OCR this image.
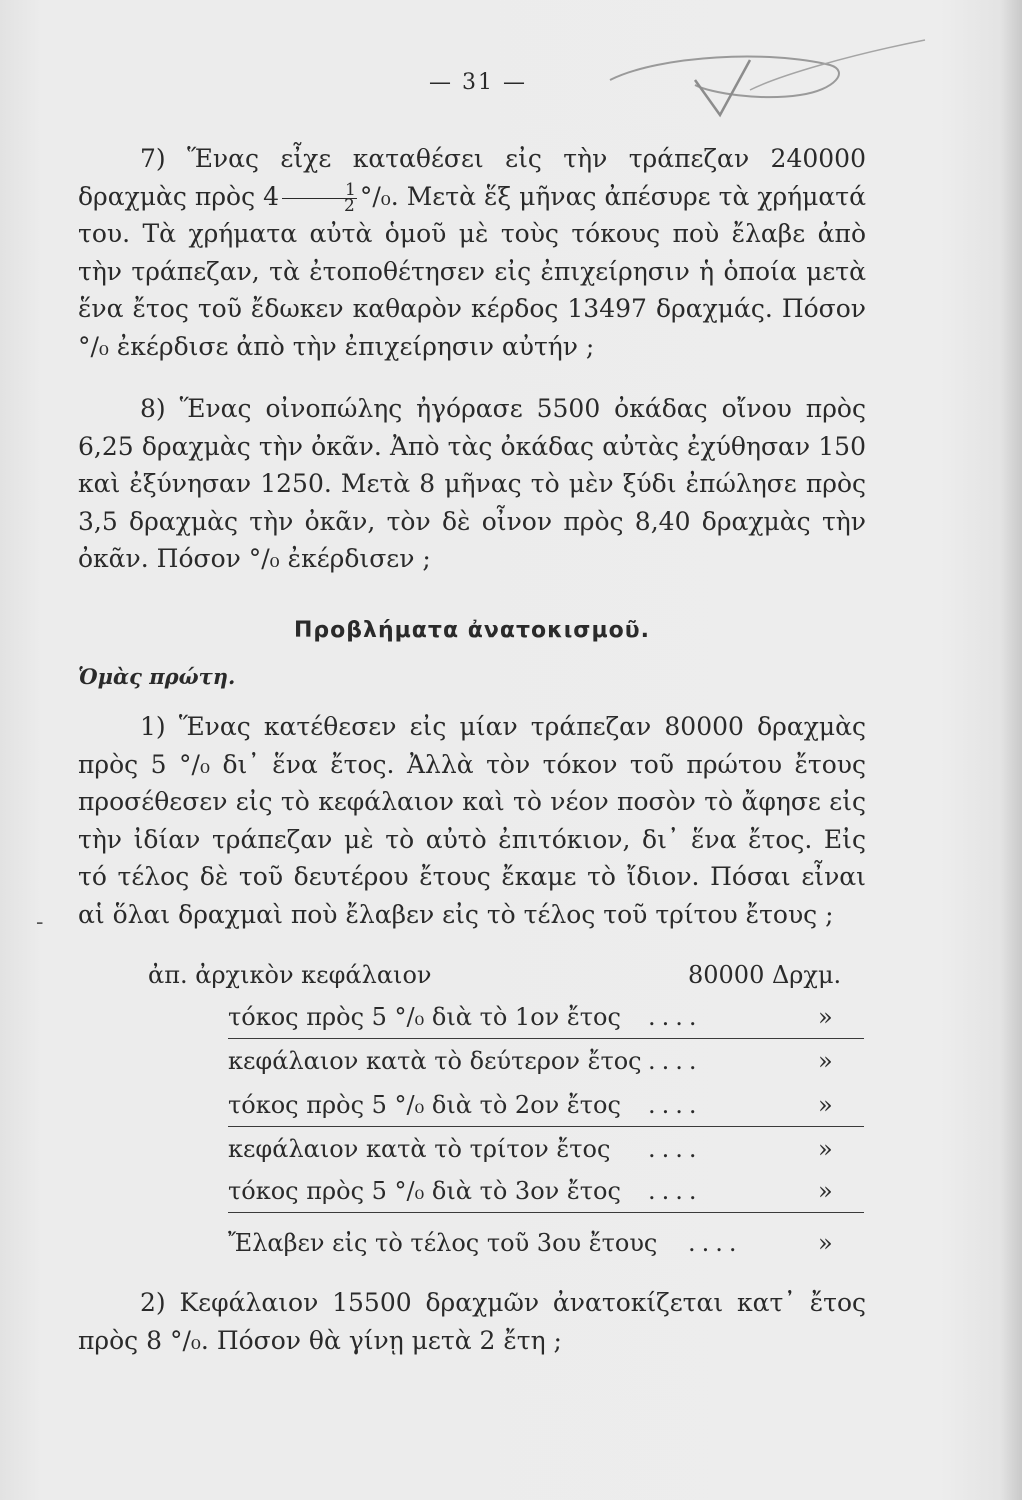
— 31 —

7) Ἕνας εἶχε καταθέσει εἰς τὴν τράπεζαν 240000 δραχμὰς πρὸς $4 \frac{1}{2} ^\circ/_0$. Μετὰ ἕξ μῆνας ἀπέσυρε τὰ χρήματά του. Τὰ χρήματα αὐτὰ ὁμοῦ μὲ τοὺς τόκους ποὺ ἔλαβε ἀπὸ τὴν τράπεζαν, τὰ ἐτοποθέτησεν εἰς ἐπιχείρησιν ἡ ὁποία μετὰ ἕνα ἔτος τοῦ ἔδωκεν καθαρὸν κέρδος 13497 δραχμάς. Πόσον °/₀ ἐκέρδισε ἀπὸ τὴν ἐπιχείρησιν αὐτήν ;

8) Ἕνας οἰνοπώλης ἠγόρασε 5500 ὀκάδας οἴνου πρὸς 6,25 δραχμὰς τὴν ὀκᾶν. Ἀπὸ τὰς ὀκάδας αὐτὰς ἐχύθησαν 150 καὶ ἐξύνησαν 1250. Μετὰ 8 μῆνας τὸ μὲν ξύδι ἐπώλησε πρὸς 3,5 δραχμὰς τὴν ὀκᾶν, τὸν δὲ οἶνον πρὸς 8,40 δραχμὰς τὴν ὀκᾶν. Πόσον °/₀ ἐκέρδισεν ;

Προβλήματα ἀνατοκισμοῦ.

Ὁμὰς πρώτη.

1) Ἕνας κατέθεσεν εἰς μίαν τράπεζαν 80000 δραχμὰς πρὸς 5 °/₀ δι᾽ ἕνα ἔτος. Ἀλλὰ τὸν τόκον τοῦ πρώτου ἔτους προσέθεσεν εἰς τὸ κεφάλαιον καὶ τὸ νέον ποσὸν τὸ ἄφησε εἰς τὴν ἰδίαν τράπεζαν μὲ τὸ αὐτὸ ἐπιτόκιον, δι᾽ ἕνα ἔτος. Εἰς τό τέλος δὲ τοῦ δευτέρου ἔτους ἔκαμε τὸ ἴδιον. Πόσαι εἶναι αἱ ὅλαι δραχμαὶ ποὺ ἔλαβεν εἰς τὸ τέλος τοῦ τρίτου ἔτους ;

-
ἀπ. ἀρχικὸν κεφάλαιον	80000 Δρχμ.
τόκος πρὸς 5 °/₀ διὰ τὸ 1ον ἔτος ....	»
κεφάλαιον κατὰ τὸ δεύτερον ἔτος ....	»
τόκος πρὸς 5 °/₀ διὰ τὸ 2ον ἔτος ....	»
κεφάλαιον κατὰ τὸ τρίτον ἔτος ....	»
τόκος πρὸς 5 °/₀ διὰ τὸ 3ον ἔτος ....	»
Ἔλαβεν εἰς τὸ τέλος τοῦ 3ου ἔτους ....	»

2) Κεφάλαιον 15500 δραχμῶν ἀνατοκίζεται κατ᾽ ἔτος πρὸς 8 °/₀. Πόσον θὰ γίνῃ μετὰ 2 ἔτη ;
